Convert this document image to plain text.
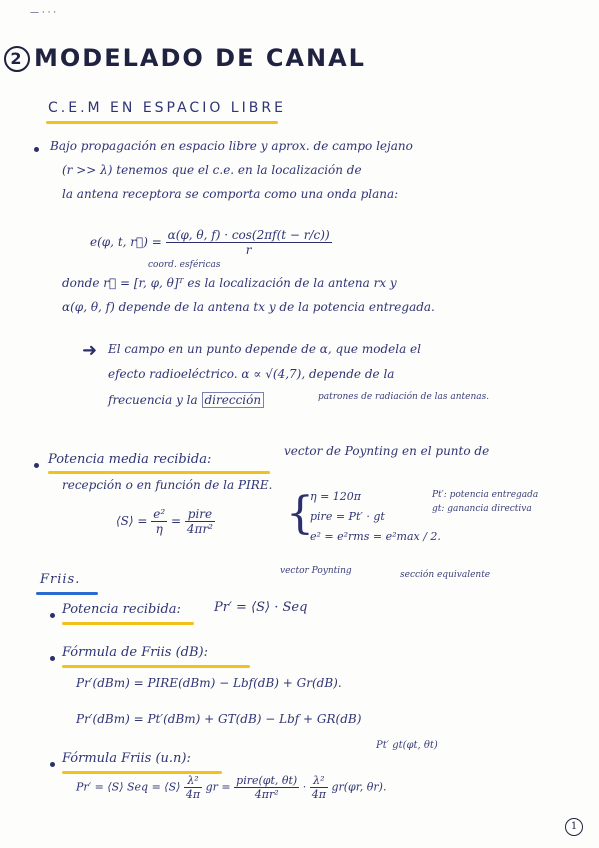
— · · ·
2 MODELADO DE CANAL
C.E.M EN ESPACIO LIBRE
Bajo propagación en espacio libre y aprox. de campo lejano
(r >> λ) tenemos que el c.e. en la localización de
la antena receptora se comporta como una onda plana:
e(φ, t, r⃗) = $\frac{\alpha(\varphi, \theta, f) \cdot \cos(2\pi f(t - r/c))}{r}$
coord. esféricas
donde r⃗ = [r, φ, θ]ᵀ es la localización de la antena rx y
α(φ, θ, f) depende de la antena tx y de la potencia entregada.
➜ El campo en un punto depende de α, que modela el
efecto radioeléctrico. α ∝ √(4,7), depende de la
frecuencia y la dirección	patrones de radiación de las antenas.
Potencia media recibida:
vector de Poynting en el punto de
recepción o en función de la PIRE.
⟨S⟩ = $\frac{\text{e²}}{\eta} = \frac{\text{pire}}{\text{4πr²}}$ {
η = 120π
pire = Pt′ · gt
e² = e²rms = e²max / 2.
Pt′: potencia entregada
gt: ganancia directiva
Friis.
vector Poynting	sección equivalente
Potencia recibida:	Pr′ = ⟨S⟩ · Seq
Fórmula de Friis (dB):
Pr′(dBm) = PIRE(dBm) − Lbf(dB) + Gr(dB).
Pr′(dBm) = Pt′(dBm) + GT(dB) − Lbf + GR(dB)
Fórmula Friis (u.n):
Pt′ gt(φt, θt)
Pr′ = ⟨S⟩ Seq = ⟨S⟩ $\frac{\text{λ²}}{4\pi}$ gr = $\frac{\text{pire(φt, θt)}}{\text{4πr²}} \cdot \frac{\text{λ²}}{4\pi} gr(\varphi r$, θr).
1
